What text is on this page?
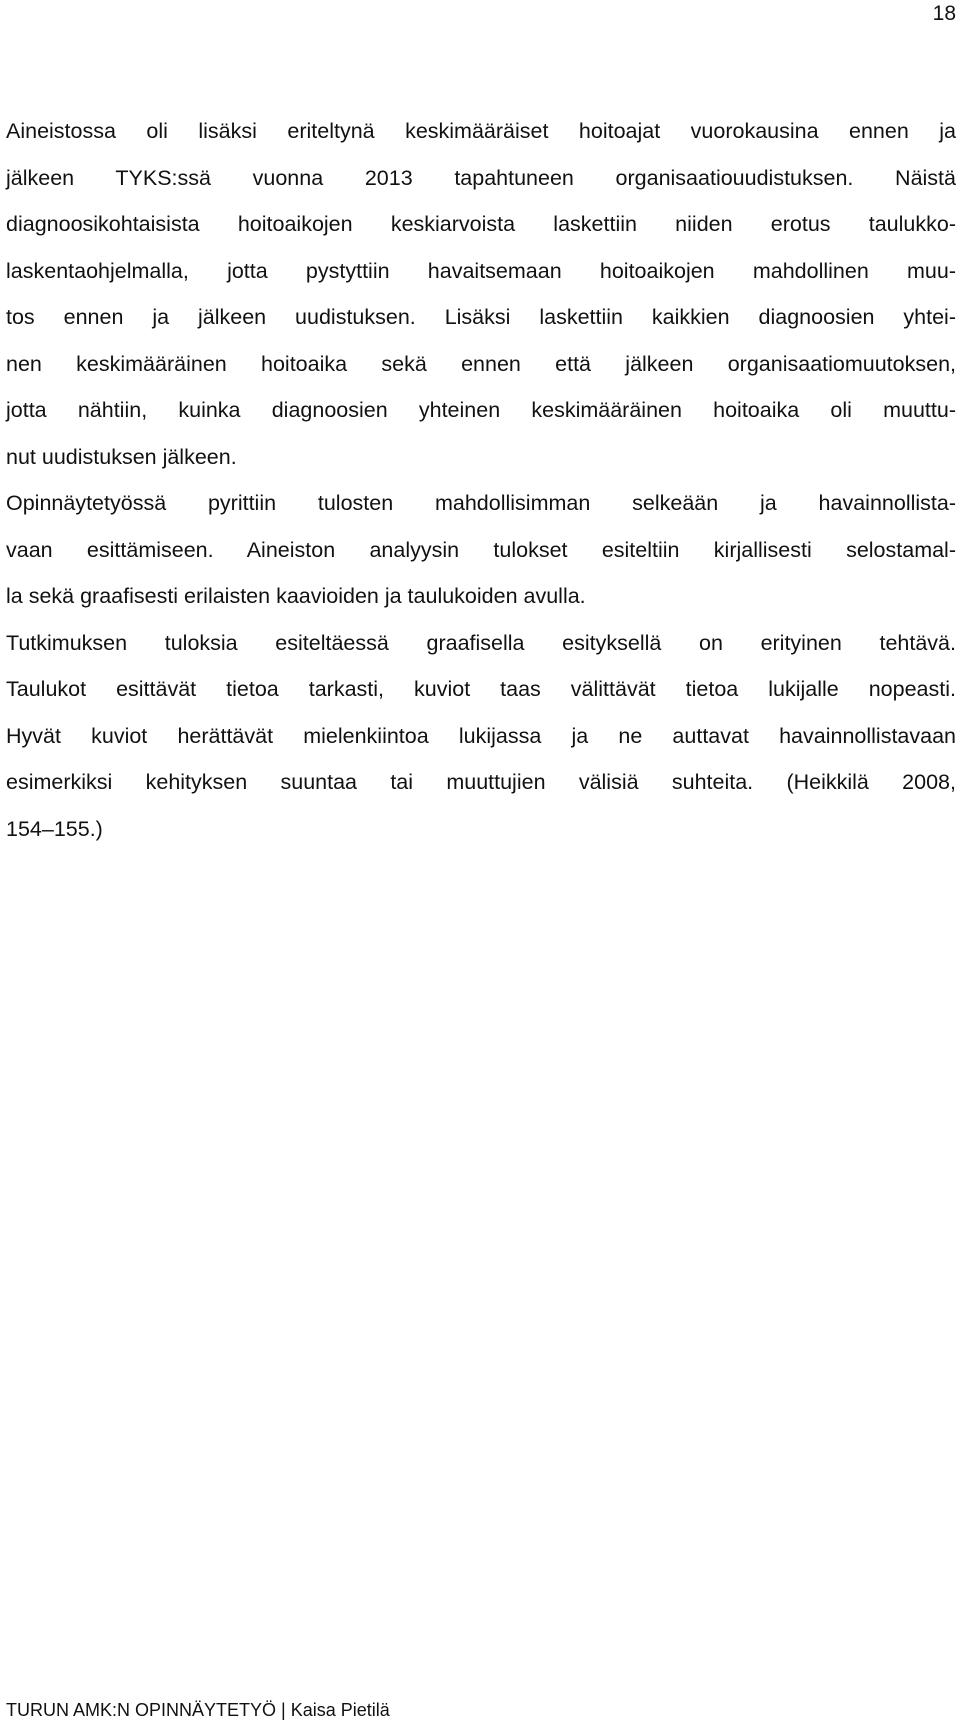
18

Aineistossa oli lisäksi eriteltynä keskimääräiset hoitoajat vuorokausina ennen ja
jälkeen TYKS:ssä vuonna 2013 tapahtuneen organisaatiouudistuksen. Näistä
diagnoosikohtaisista hoitoaikojen keskiarvoista laskettiin niiden erotus taulukko-
laskentaohjelmalla, jotta pystyttiin havaitsemaan hoitoaikojen mahdollinen muu-
tos ennen ja jälkeen uudistuksen. Lisäksi laskettiin kaikkien diagnoosien yhtei-
nen keskimääräinen hoitoaika sekä ennen että jälkeen organisaatiomuutoksen,
jotta nähtiin, kuinka diagnoosien yhteinen keskimääräinen hoitoaika oli muuttu-
nut uudistuksen jälkeen.

Opinnäytetyössä pyrittiin tulosten mahdollisimman selkeään ja havainnollista-
vaan esittämiseen. Aineiston analyysin tulokset esiteltiin kirjallisesti selostamal-
la sekä graafisesti erilaisten kaavioiden ja taulukoiden avulla.

Tutkimuksen tuloksia esiteltäessä graafisella esityksellä on erityinen tehtävä.
Taulukot esittävät tietoa tarkasti, kuviot taas välittävät tietoa lukijalle nopeasti.
Hyvät kuviot herättävät mielenkiintoa lukijassa ja ne auttavat havainnollistavaan
esimerkiksi kehityksen suuntaa tai muuttujien välisiä suhteita. (Heikkilä 2008,
154–155.)

TURUN AMK:N OPINNÄYTETYÖ | Kaisa Pietilä
